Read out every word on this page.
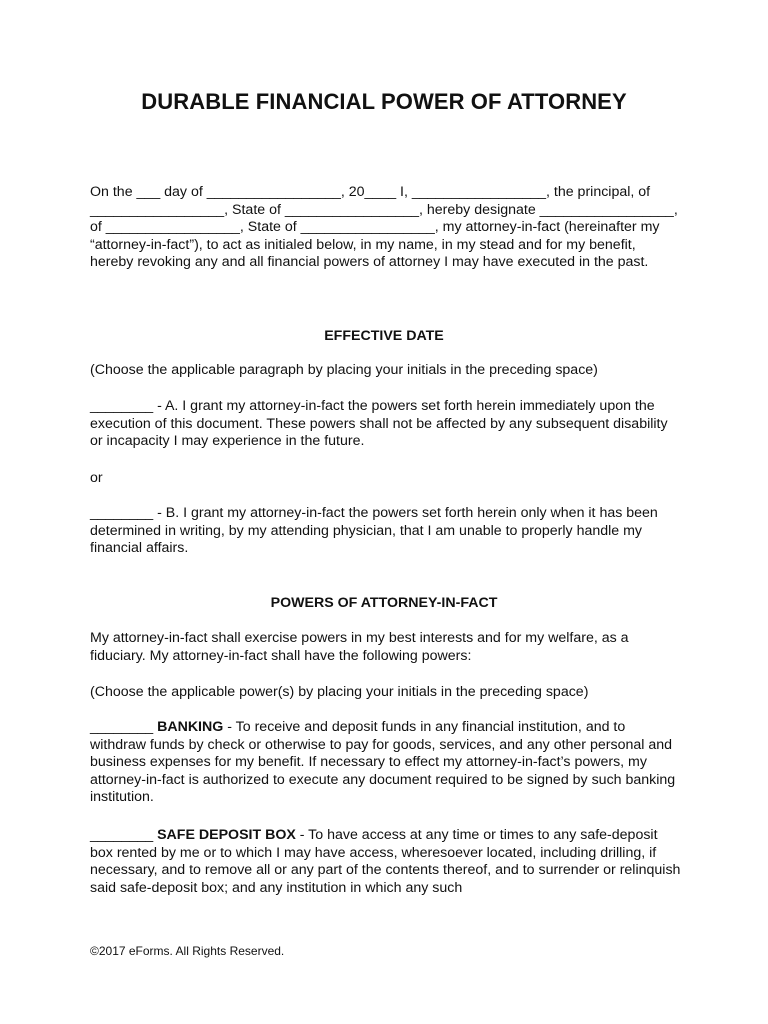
DURABLE FINANCIAL POWER OF ATTORNEY

On the ___ day of _________________, 20____ I, _________________, the principal, of _________________, State of _________________, hereby designate _________________, of _________________, State of _________________, my attorney-in-fact (hereinafter my “attorney-in-fact”), to act as initialed below, in my name, in my stead and for my benefit, hereby revoking any and all financial powers of attorney I may have executed in the past.

EFFECTIVE DATE

(Choose the applicable paragraph by placing your initials in the preceding space)

________ - A. I grant my attorney-in-fact the powers set forth herein immediately upon the execution of this document. These powers shall not be affected by any subsequent disability or incapacity I may experience in the future.

or

________ - B. I grant my attorney-in-fact the powers set forth herein only when it has been determined in writing, by my attending physician, that I am unable to properly handle my financial affairs.

POWERS OF ATTORNEY-IN-FACT

My attorney-in-fact shall exercise powers in my best interests and for my welfare, as a fiduciary. My attorney-in-fact shall have the following powers:

(Choose the applicable power(s) by placing your initials in the preceding space)

________ BANKING - To receive and deposit funds in any financial institution, and to withdraw funds by check or otherwise to pay for goods, services, and any other personal and business expenses for my benefit. If necessary to effect my attorney-in-fact’s powers, my attorney-in-fact is authorized to execute any document required to be signed by such banking institution.

________ SAFE DEPOSIT BOX - To have access at any time or times to any safe-deposit box rented by me or to which I may have access, wheresoever located, including drilling, if necessary, and to remove all or any part of the contents thereof, and to surrender or relinquish said safe-deposit box; and any institution in which any such

©2017 eForms. All Rights Reserved.
